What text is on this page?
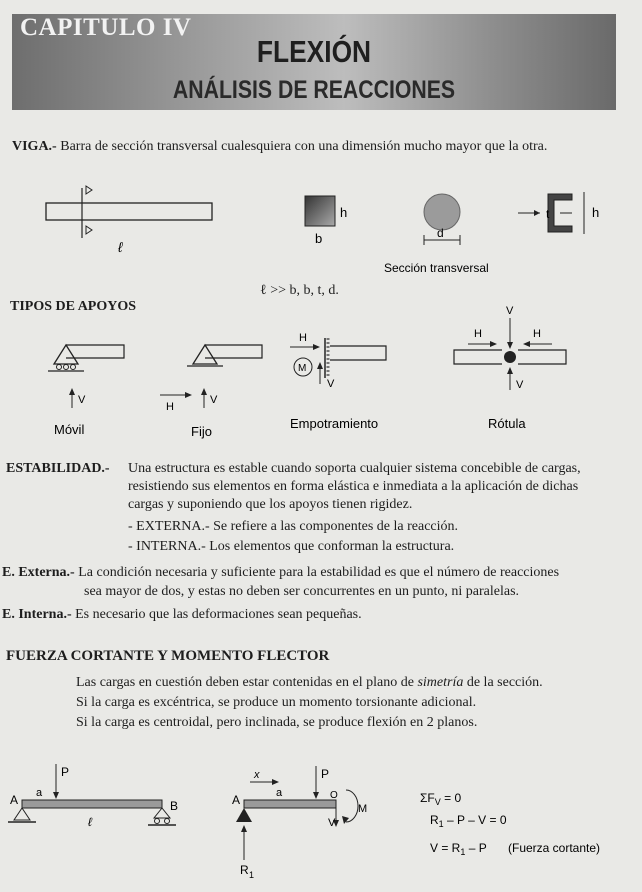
CAPITULO IV
FLEXIÓN
ANÁLISIS DE REACCIONES
VIGA.- Barra de sección transversal cualesquiera con una dimensión mucho mayor que la otra.
ℓ
h
b	d
t	h
Sección transversal
ℓ >> b, b, t, d.
TIPOS DE APOYOS
V
Móvil
H
V
Fijo
H
M
V
Empotramiento
V
H	H
V
Rótula
ESTABILIDAD.- Una estructura es estable cuando soporta cualquier sistema concebible de cargas,
resistiendo sus elementos en forma elástica e inmediata a la aplicación de dichas
cargas y suponiendo que los apoyos tienen rigidez.
- EXTERNA.- Se refiere a las componentes de la reacción.
- INTERNA.- Los elementos que conforman la estructura.
E. Externa.- La condición necesaria y suficiente para la estabilidad es que el número de reacciones
sea mayor de dos, y estas no deben ser concurrentes en un punto, ni paralelas.
E. Interna.- Es necesario que las deformaciones sean pequeñas.
FUERZA CORTANTE Y MOMENTO FLECTOR
Las cargas en cuestión deben estar contenidas en el plano de simetría de la sección.
Si la carga es excéntrica, se produce un momento torsionante adicional.
Si la carga es centroidal, pero inclinada, se produce flexión en 2 planos.
P
a
A	B
ℓ
x
a
A
P
R 1
O
V
M
$\Sigma F_V = 0$
$R_1 - P - V = 0$
$V = R_1 - P$ (Fuerza cortante)
